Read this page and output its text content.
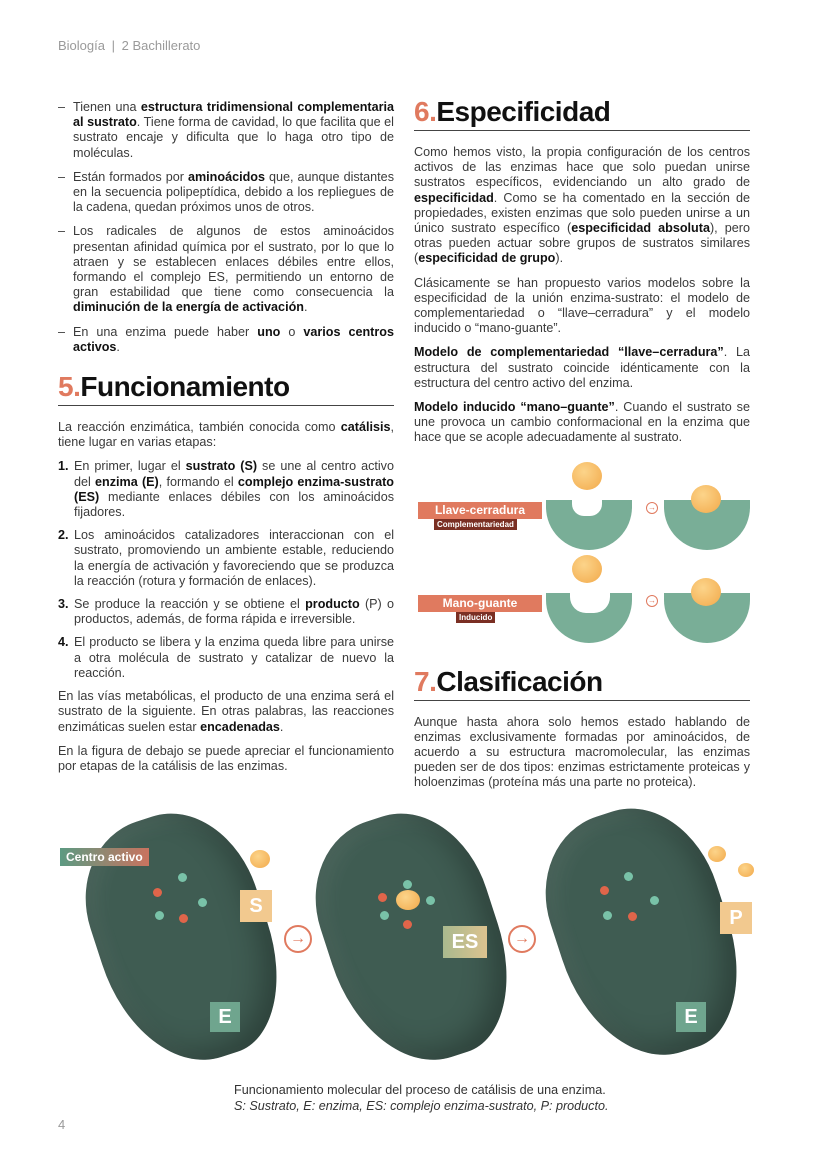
Biología | 2 Bachillerato
– Tienen una estructura tridimensional complementaria al sustrato. Tiene forma de cavidad, lo que facilita que el sustrato encaje y dificulta que lo haga otro tipo de moléculas.
– Están formados por aminoácidos que, aunque distantes en la secuencia polipeptídica, debido a los repliegues de la cadena, quedan próximos unos de otros.
– Los radicales de algunos de estos aminoácidos presentan afinidad química por el sustrato, por lo que lo atraen y se establecen enlaces débiles entre ellos, formando el complejo ES, permitiendo un entorno de gran estabilidad que tiene como consecuencia la diminución de la energía de activación.
– En una enzima puede haber uno o varios centros activos.
5.Funcionamiento

La reacción enzimática, también conocida como catálisis, tiene lugar en varias etapas:

1. En primer, lugar el sustrato (S) se une al centro activo del enzima (E), formando el complejo enzima-sustrato (ES) mediante enlaces débiles con los aminoácidos fijadores.
2. Los aminoácidos catalizadores interaccionan con el sustrato, promoviendo un ambiente estable, reduciendo la energía de activación y favoreciendo que se produzca la reacción (rotura y formación de enlaces).
3. Se produce la reacción y se obtiene el producto (P) o productos, además, de forma rápida e irreversible.
4. El producto se libera y la enzima queda libre para unirse a otra molécula de sustrato y catalizar de nuevo la reacción.

En las vías metabólicas, el producto de una enzima será el sustrato de la siguiente. En otras palabras, las reacciones enzimáticas suelen estar encadenadas.

En la figura de debajo se puede apreciar el funcionamiento por etapas de la catálisis de las enzimas.

6.Especificidad

Como hemos visto, la propia configuración de los centros activos de las enzimas hace que solo puedan unirse sustratos específicos, evidenciando un alto grado de especificidad. Como se ha comentado en la sección de propiedades, existen enzimas que solo pueden unirse a un único sustrato específico (especificidad absoluta), pero otras pueden actuar sobre grupos de sustratos similares (especificidad de grupo).

Clásicamente se han propuesto varios modelos sobre la especificidad de la unión enzima-sustrato: el modelo de complementariedad o “llave–cerradura” y el modelo inducido o “mano-guante”.

Modelo de complementariedad “llave–cerradura”. La estructura del sustrato coincide idénticamente con la estructura del centro activo del enzima.

Modelo inducido “mano–guante”. Cuando el sustrato se une provoca un cambio conformacional en la enzima que hace que se acople adecuadamente al sustrato.

Llave-cerradura
Complementariedad
→
Mano-guante
Inducido
→
7.Clasificación

Aunque hasta ahora solo hemos estado hablando de enzimas exclusivamente formadas por aminoácidos, de acuerdo a su estructura macromolecular, las enzimas pueden ser de dos tipos: enzimas estrictamente proteicas y holoenzimas (proteína más una parte no proteica).

Centro activo
S
E
→	ES	→
P
E
Funcionamiento molecular del proceso de catálisis de una enzima.
S: Sustrato, E: enzima, ES: complejo enzima-sustrato, P: producto.
4
